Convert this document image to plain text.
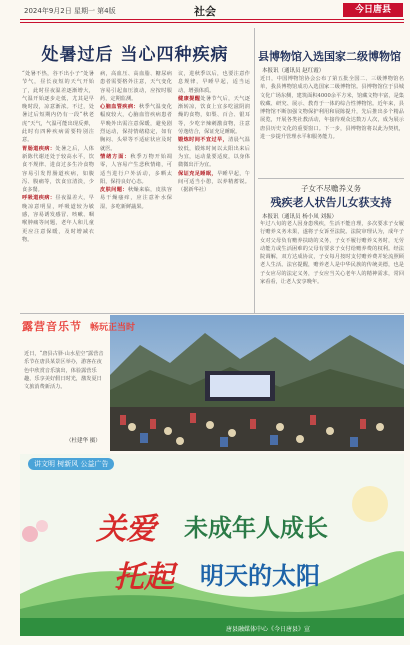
社会
2024年9月2日 星期一 第4版	今日唐县
处暑过后 当心四种疾病
“处暑不热，谷不出小子”处暑节气，昼长夜短的天气开始了，此时昼夜温差逐渐增大，气温开始逐步走低，尤其是早晚时段，凉意渐浓。不过，处暑过后短期内仍有一段“秋老虎”天气，气温可能出现反弹，此时有四种疾病需要特别注意。
胃肠道疾病：处暑之后，人体新陈代谢还处于较高水平，饮食不规律、进食过多生冷食物容易引发胃肠道疾病，如腹泻、腹痛等，饮食宜清淡，少食多餐。
呼吸道疾病：昼夜温差大，早晚凉意明显，呼吸道较为敏感，容易诱发感冒、咳嗽、咽喉肿痛等问题，老年人和儿童更应注意保暖，及时增减衣物。

病，高血压、高血脂、糖尿病患者需要格外注意，天气变化容易引起血压波动，应按时服药，定期监测。
心脑血管疾病：秋季气温变化幅度较大，心脑血管疾病患者早晚外出需注意保暖，避免剧烈运动，保持情绪稳定，如有胸闷、头晕等不适症状应及时就医。
情绪方面：秋季万物开始凋零，人容易产生悲秋情绪，可适当进行户外活动，多晒太阳，保持良好心态。
皮肤问题：秋燥来临，皮肤容易干燥瘙痒，应注意补水保湿，多吃新鲜蔬果。

议，进秋季以后，也要注意作息规律，早睡早起，适当运动，增强体质。
健康提醒处暑节气后，天气逐渐转凉，饮食上宜多吃滋阴润燥的食物，如梨、百合、银耳等，少吃辛辣刺激食物，注意劳逸结合，保证充足睡眠。
锻炼时间不宜过早，清晨气温较低，锻炼时间以太阳出来后为宜，运动量要适度，以身体微微出汗为宜。
保证充足睡眠，早睡早起，午间可适当小憩，以养精蓄锐。（据新华社）

县博物馆入选国家二级博物馆
本报讯（通讯员 赵红霞）
近日，中国博物馆协会公布了第五批全国二、三级博物馆名单，我县博物馆成功入选国家二级博物馆。县博物馆位于县城文化广场东侧，建筑面积4000余平方米，馆藏文物丰富，是集收藏、研究、展示、教育于一体的综合性博物馆。近年来，县博物馆不断加强文物保护利用和展陈提升，先后推出多个精品展览，开展各类社教活动，年接待观众达数万人次，成为展示唐县历史文化的重要窗口。下一步，县博物馆将以此为契机，进一步提升管理水平和服务能力。
子女不尽赡养义务
残疾老人状告儿女获支持
本报讯（通讯员 杨小凤 刘振）
年过八旬的老人因身患残疾，生活不能自理，多次要求子女履行赡养义务未果，遂将子女诉至法院。法院审理认为，成年子女对父母负有赡养扶助的义务，子女不履行赡养义务时，无劳动能力或生活困难的父母有要求子女付给赡养费的权利。经法院调解，双方达成协议，子女每月按时支付赡养费并轮流照顾老人生活。法官提醒，赡养老人是中华民族的传统美德，也是子女应尽的法定义务，子女应当关心老年人的精神需求，常回家看看，让老人安享晚年。
露营音乐节 畅玩正当时
近日，“唐县古驿·山水星空”露营音乐节在唐县某景区举办，游客在夜色中欣赏音乐演出，体验露营乐趣，乐享美好假日时光，激发夏日文旅消费新活力。
（杜建华 摄）
讲文明 树新风 公益广告
关爱 未成年人成长
托起 明天的太阳
唐县融媒体中心《今日唐县》宣
